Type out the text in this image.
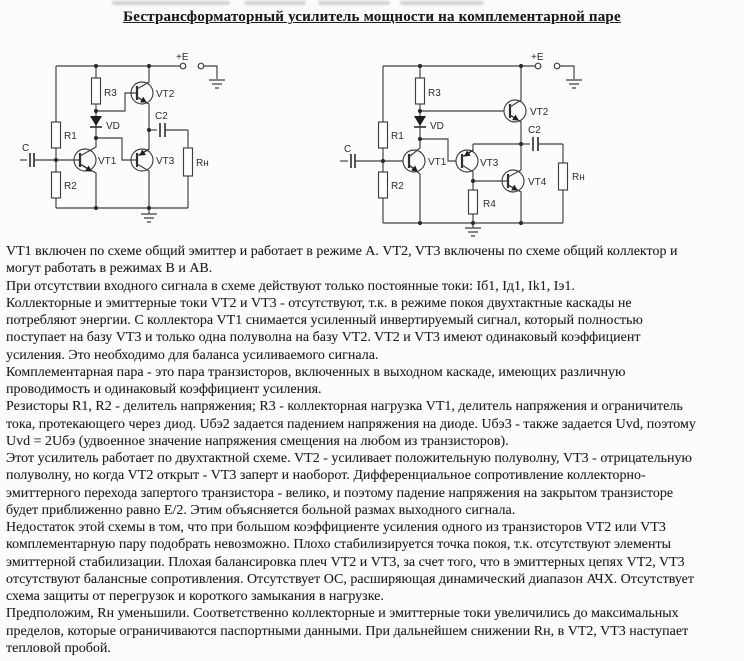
Бестрансформаторный усилитель мощности на комплементарной паре
+E
C
R1
R2
R3
VD
VT1
VT2
VT3
C2
Rн
+E
C
R1
R2
R3
R4
VD
VT1
VT2
VT3
VT4
C2
Rн
VT1 включен по схеме общий эмиттер и работает в режиме А. VT2, VT3 включены по схеме общий коллектор и
могут работать в режимах В и АВ.
При отсутствии входного сигнала в схеме действуют только постоянные токи: Iб1, Iд1, Ik1, Iэ1.
Коллекторные и эмиттерные токи VT2 и VT3 - отсутствуют, т.к. в режиме покоя двухтактные каскады не
потребляют энергии. С коллектора VT1 снимается усиленный инвертируемый сигнал, который полностью
поступает на базу VT3 и только одна полуволна на базу VT2. VT2 и VT3 имеют одинаковый коэффициент
усиления. Это необходимо для баланса усиливаемого сигнала.
Комплементарная пара - это пара транзисторов, включенных в выходном каскаде, имеющих различную
проводимость и одинаковый коэффициент усиления.
Резисторы R1, R2 - делитель напряжения; R3 - коллекторная нагрузка VT1, делитель напряжения и ограничитель
тока, протекающего через диод. Uбэ2 задается падением напряжения на диоде. Uбэ3 - также задается Uvd, поэтому
Uvd = 2Uбэ (удвоенное значение напряжения смещения на любом из транзисторов).
Этот усилитель работает по двухтактной схеме. VT2 - усиливает положительную полуволну, VT3 - отрицательную
полуволну, но когда VT2 открыт - VT3 заперт и наоборот. Дифференциальное сопротивление коллекторно-
эмиттерного перехода запертого транзистора - велико, и поэтому падение напряжения на закрытом транзисторе
будет приближенно равно Е/2. Этим объясняется больной размах выходного сигнала.
Недостаток этой схемы в том, что при большом коэффициенте усиления одного из транзисторов VT2 или VT3
комплементарную пару подобрать невозможно. Плохо стабилизируется точка покоя, т.к. отсутствуют элементы
эмиттерной стабилизации. Плохая балансировка плеч VT2 и VT3, за счет того, что в эмиттерных цепях VT2, VT3
отсутствуют балансные сопротивления. Отсутствует ОС, расширяющая динамический диапазон АЧХ. Отсутствует
схема защиты от перегрузок и короткого замыкания в нагрузке.
Предположим, Rн уменьшили. Соответственно коллекторные и эмиттерные токи увеличились до максимальных
пределов, которые ограничиваются паспортными данными. При дальнейшем снижении Rн, в VT2, VT3 наступает
тепловой пробой.
